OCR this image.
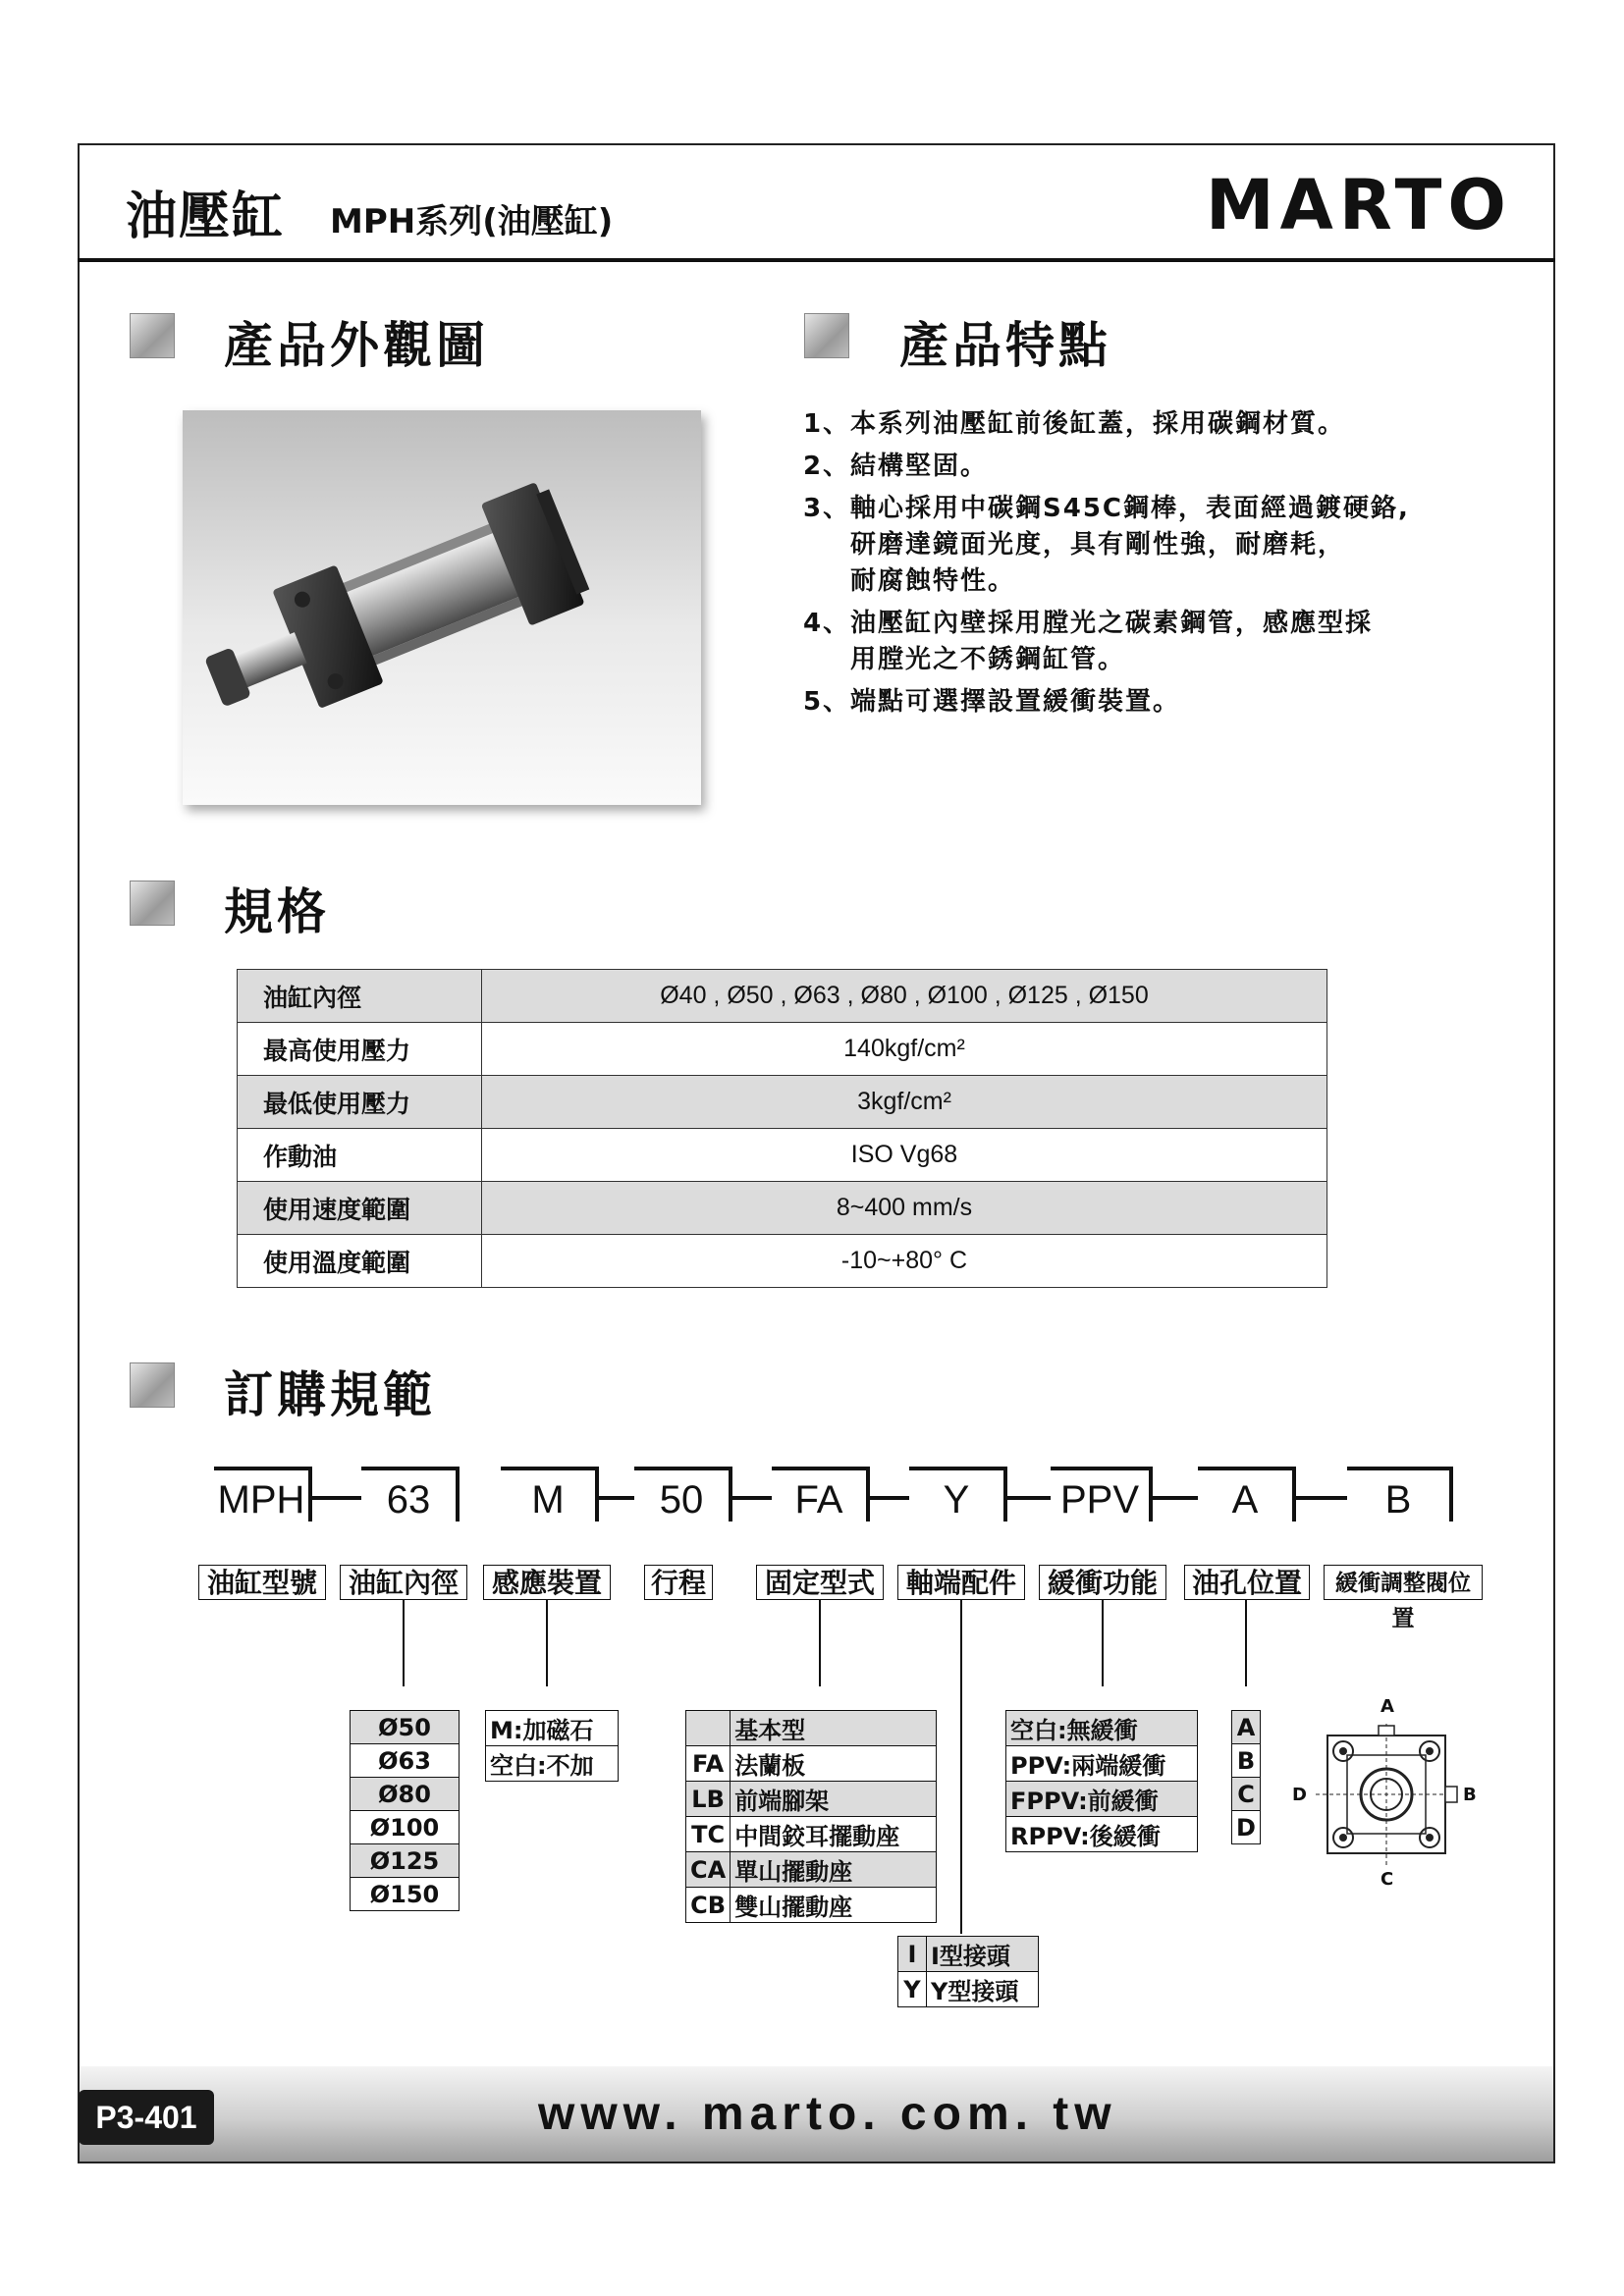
油壓缸 MPH系列(油壓缸)	MARTO
產品外觀圖	產品特點
1、本系列油壓缸前後缸蓋，採用碳鋼材質。
2、結構堅固。
3、軸心採用中碳鋼S45C鋼棒，表面經過鍍硬鉻,
研磨達鏡面光度，具有剛性強，耐磨耗，
耐腐蝕特性。
4、油壓缸內壁採用膛光之碳素鋼管，感應型採
用膛光之不銹鋼缸管。
5、端點可選擇設置緩衝裝置。
規格
油缸內徑	Ø40 , Ø50 , Ø63 , Ø80 , Ø100 , Ø125 , Ø150
最高使用壓力	140kgf/cm²
最低使用壓力	3kgf/cm²
作動油	ISO Vg68
使用速度範圍	8~400 mm/s
使用溫度範圍	-10~+80° C
訂購規範
MPH	63	M	50	FA	Y	PPV	A	B
油缸型號	油缸內徑	感應裝置	行程	固定型式	軸端配件	緩衝功能	油孔位置	緩衝調整閥位置
Ø50
Ø63
Ø80
Ø100
Ø125
Ø150
M:加磁石
空白:不加
	基本型
FA	法蘭板
LB	前端腳架
TC	中間鉸耳擺動座
CA	單山擺動座
CB	雙山擺動座
I	I型接頭
Y	Y型接頭
空白:無緩衝
PPV:兩端緩衝
FPPV:前緩衝
RPPV:後緩衝
A
B
C
D
A
B
C
D
P3-401	www. marto. com. tw
